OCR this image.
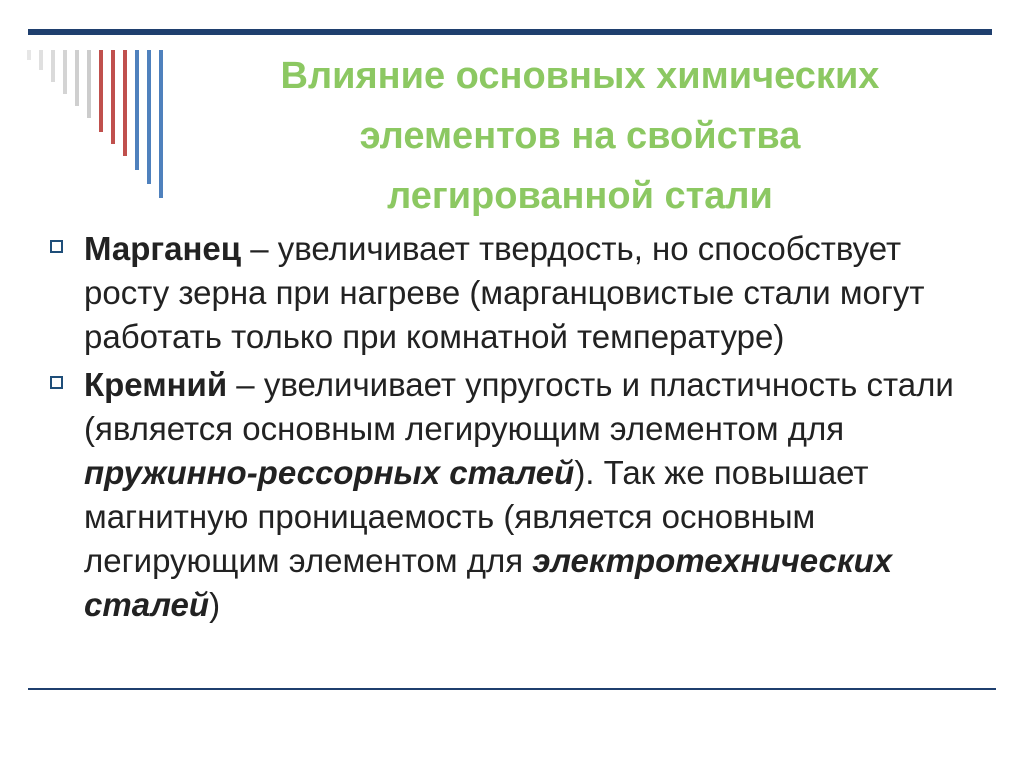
Влияние основных химических
элементов на свойства
легированной стали
Марганец – увеличивает твердость, но способствует росту зерна при нагреве (марганцовистые стали могут работать только при комнатной температуре)
Кремний – увеличивает упругость и пластичность стали (является основным легирующим элементом для пружинно-рессорных сталей). Так же повышает магнитную проницаемость (является основным легирующим элементом для электротехнических сталей)
